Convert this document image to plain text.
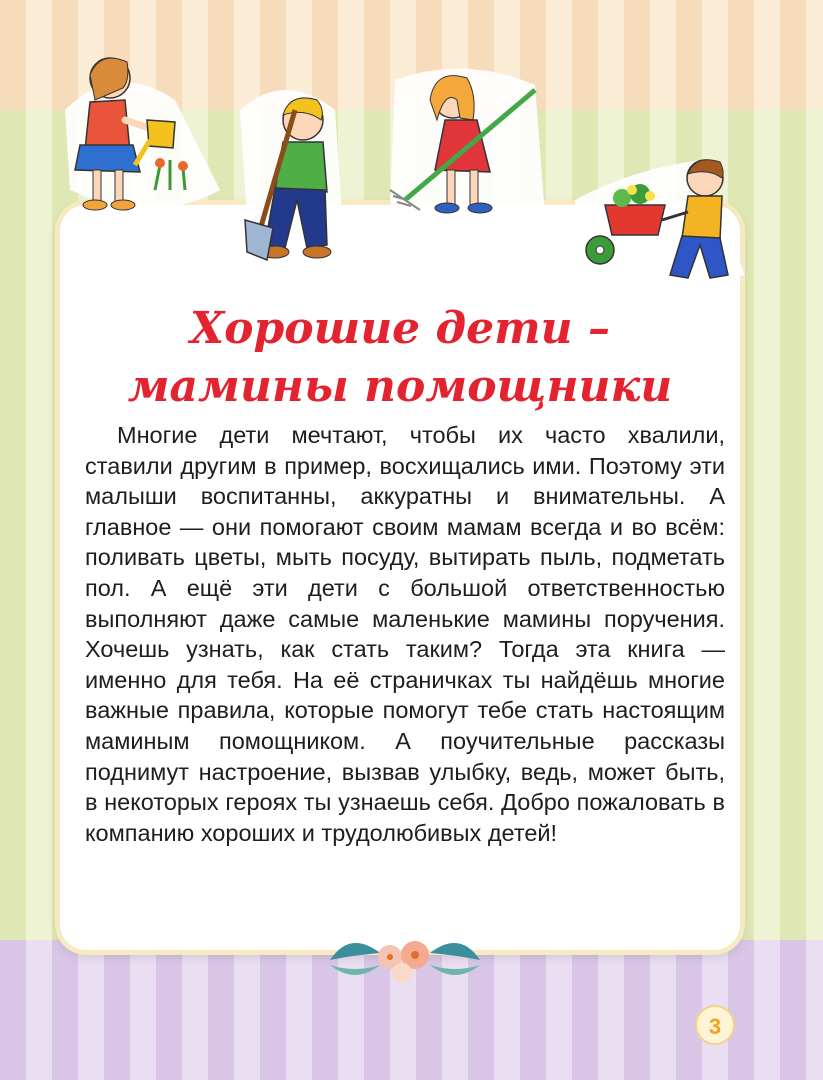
Хорошие дети –
мамины помощники

Многие дети мечтают, чтобы их часто хвалили, ставили другим в пример, восхищались ими. Поэтому эти малыши воспитанны, аккуратны и внимательны. А главное — они помогают своим мамам всегда и во всём: поливать цветы, мыть посуду, вытирать пыль, подметать пол. А ещё эти дети с большой ответственностью выполняют даже самые маленькие мамины поручения. Хочешь узнать, как стать таким? Тогда эта книга — именно для тебя. На её страничках ты найдёшь многие важные правила, которые помогут тебе стать настоящим маминым помощником. А поучительные рассказы поднимут настроение, вызвав улыбку, ведь, может быть, в некоторых героях ты узнаешь себя. Добро пожаловать в компанию хороших и трудолюбивых детей!

3
